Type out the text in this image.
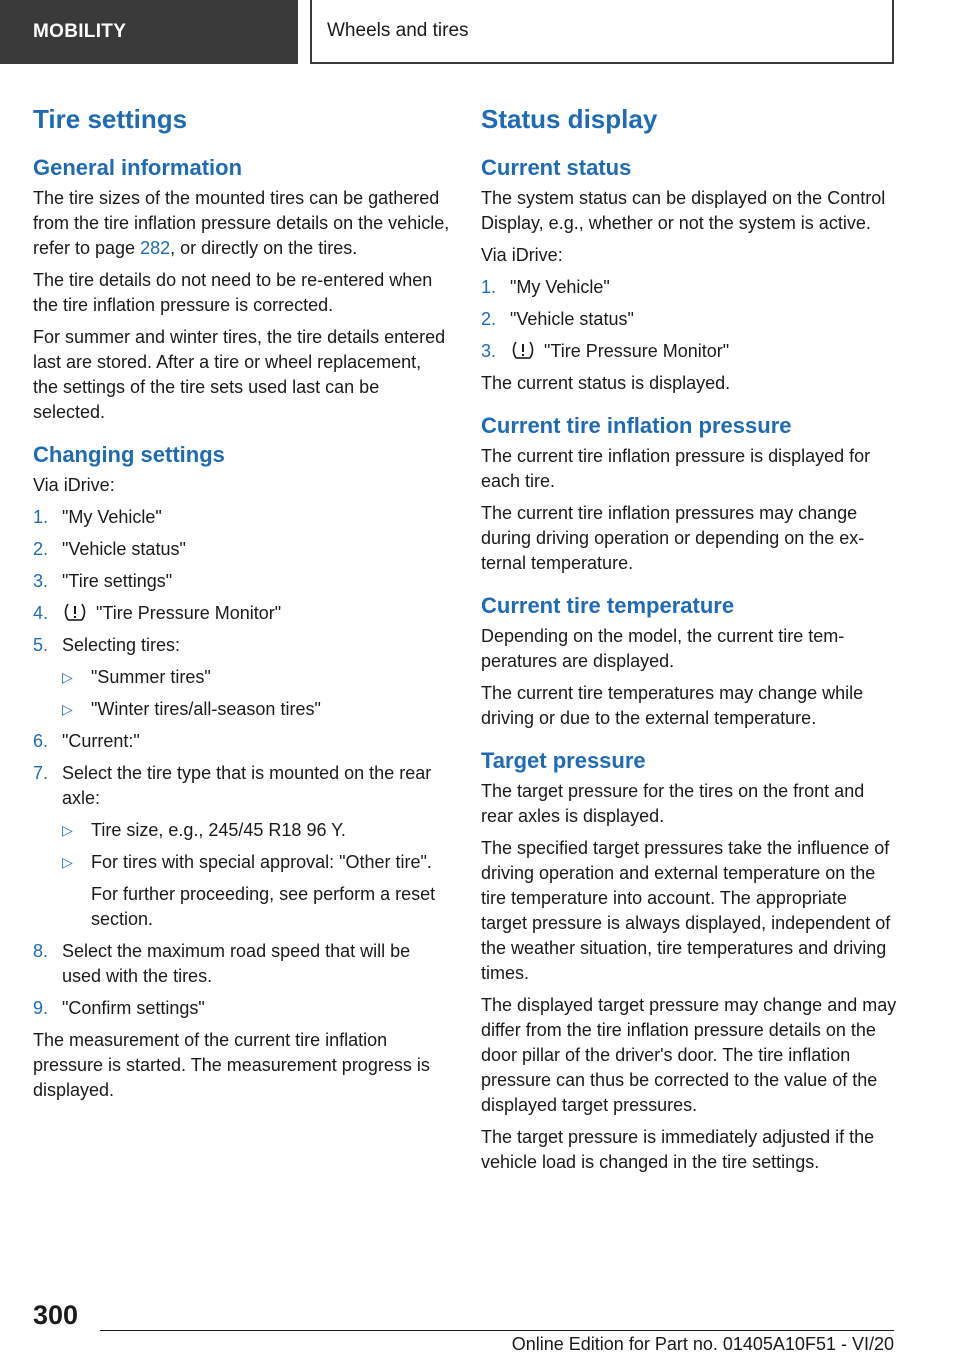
MOBILITY	Wheels and tires
Tire settings
General information

The tire sizes of the mounted tires can be gathered from the tire inflation pressure details on the vehicle, refer to page 282, or directly on the tires.

The tire details do not need to be re-entered when the tire inflation pressure is corrected.

For summer and winter tires, the tire details entered last are stored. After a tire or wheel replacement, the settings of the tire sets used last can be selected.

Changing settings

Via iDrive:

1. "My Vehicle"
2. "Vehicle status"
3. "Tire settings"
4.	"Tire Pressure Monitor"
5. Selecting tires:
▷ "Summer tires"
▷ "Winter tires/all-season tires"
6. "Current:"
7. Select the tire type that is mounted on the rear axle:
▷ Tire size, e.g., 245/45 R18 96 Y.
▷ For tires with special approval: "Other tire".
For further proceeding, see perform a reset section.
8. Select the maximum road speed that will be used with the tires.
9. "Confirm settings"

The measurement of the current tire inflation pressure is started. The measurement progress is displayed.

Status display
Current status

The system status can be displayed on the Control Display, e.g., whether or not the system is active.

Via iDrive:

1. "My Vehicle"
2. "Vehicle status"
3.	"Tire Pressure Monitor"

The current status is displayed.

Current tire inflation pressure

The current tire inflation pressure is displayed for each tire.

The current tire inflation pressures may change during driving operation or depending on the external temperature.

Current tire temperature

Depending on the model, the current tire temperatures are displayed.

The current tire temperatures may change while driving or due to the external temperature.

Target pressure

The target pressure for the tires on the front and rear axles is displayed.

The specified target pressures take the influence of driving operation and external temperature on the tire temperature into account. The appropriate target pressure is always displayed, independent of the weather situation, tire temperatures and driving times.

The displayed target pressure may change and may differ from the tire inflation pressure details on the door pillar of the driver's door. The tire inflation pressure can thus be corrected to the value of the displayed target pressures.

The target pressure is immediately adjusted if the vehicle load is changed in the tire settings.

300
Online Edition for Part no. 01405A10F51 - VI/20
